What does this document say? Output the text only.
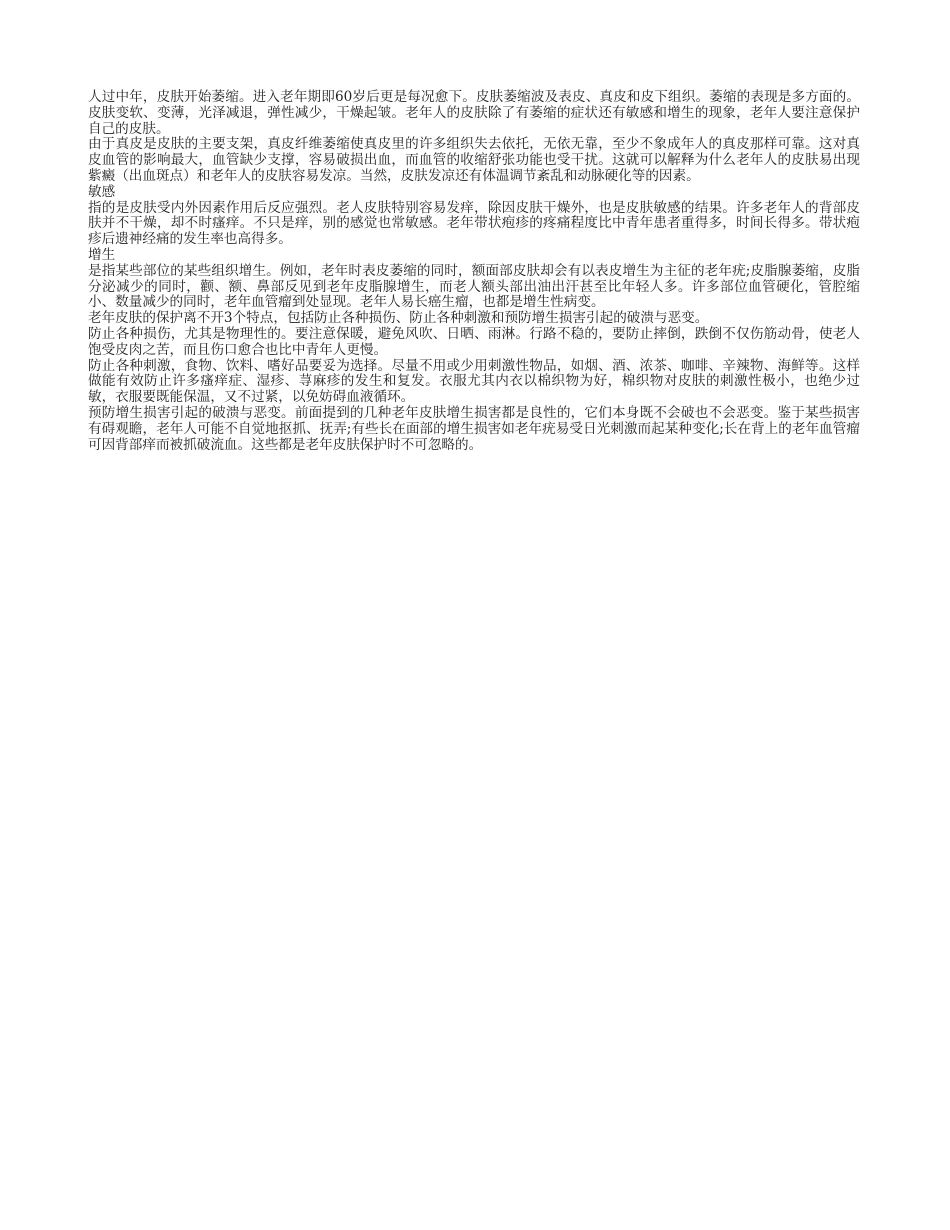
人过中年，皮肤开始萎缩。进入老年期即60岁后更是每况愈下。皮肤萎缩波及表皮、真皮和皮下组织。萎缩的表现是多方面的。皮肤变软、变薄，光泽减退，弹性减少，干燥起皱。老年人的皮肤除了有萎缩的症状还有敏感和增生的现象，老年人要注意保护自己的皮肤。

由于真皮是皮肤的主要支架，真皮纤维萎缩使真皮里的许多组织失去依托，无依无靠，至少不象成年人的真皮那样可靠。这对真皮血管的影响最大，血管缺少支撑，容易破损出血，而血管的收缩舒张功能也受干扰。这就可以解释为什么老年人的皮肤易出现紫癜（出血斑点）和老年人的皮肤容易发凉。当然，皮肤发凉还有体温调节紊乱和动脉硬化等的因素。

敏感

指的是皮肤受内外因素作用后反应强烈。老人皮肤特别容易发痒，除因皮肤干燥外，也是皮肤敏感的结果。许多老年人的背部皮肤并不干燥，却不时瘙痒。不只是痒，别的感觉也常敏感。老年带状疱疹的疼痛程度比中青年患者重得多，时间长得多。带状疱疹后遗神经痛的发生率也高得多。

增生

是指某些部位的某些组织增生。例如，老年时表皮萎缩的同时，额面部皮肤却会有以表皮增生为主征的老年疣;皮脂腺萎缩，皮脂分泌减少的同时，颧、额、鼻部反见到老年皮脂腺增生，而老人额头部出油出汗甚至比年轻人多。许多部位血管硬化，管腔缩小、数量减少的同时，老年血管瘤到处显现。老年人易长癌生瘤，也都是增生性病变。

老年皮肤的保护离不开3个特点，包括防止各种损伤、防止各种刺激和预防增生损害引起的破溃与恶变。

防止各种损伤，尤其是物理性的。要注意保暖，避免风吹、日晒、雨淋。行路不稳的，要防止摔倒，跌倒不仅伤筋动骨，使老人饱受皮肉之苦，而且伤口愈合也比中青年人更慢。

防止各种刺激，食物、饮料、嗜好品要妥为选择。尽量不用或少用刺激性物品，如烟、酒、浓茶、咖啡、辛辣物、海鲜等。这样做能有效防止许多瘙痒症、湿疹、荨麻疹的发生和复发。衣服尤其内衣以棉织物为好，棉织物对皮肤的刺激性极小，也绝少过敏，衣服要既能保温，又不过紧，以免妨碍血液循环。

预防增生损害引起的破溃与恶变。前面提到的几种老年皮肤增生损害都是良性的，它们本身既不会破也不会恶变。鉴于某些损害有碍观瞻，老年人可能不自觉地抠抓、抚弄;有些长在面部的增生损害如老年疣易受日光刺激而起某种变化;长在背上的老年血管瘤可因背部痒而被抓破流血。这些都是老年皮肤保护时不可忽略的。
